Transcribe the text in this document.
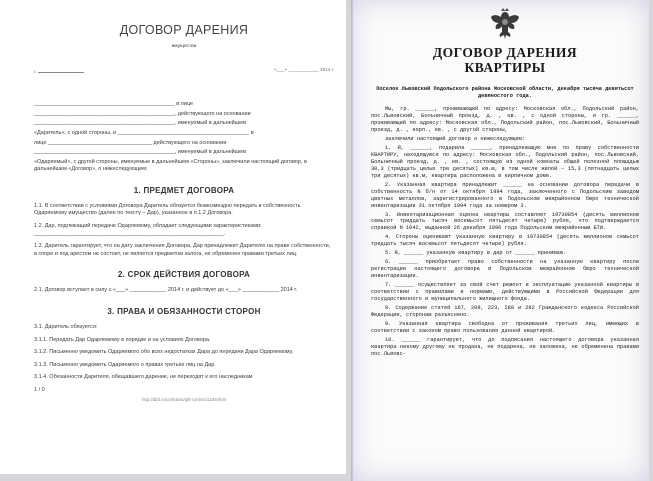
ДОГОВОР ДАРЕНИЯ
имущества
г.	«___» ____________ 2014 г.

______________________________________________ в лице

______________________________________________, действующего на основании

______________________________________________, именуемый в дальнейшем

«Даритель», с одной стороны, и ___________________________________________ в

лице __________________________________ действующего на основании

______________________________________________, именуемый в дальнейшем

«Одаряемый», с другой стороны, именуемые в дальнейшем «Стороны», заключили настоящий договор, в дальнейшем «Договор», о нижеследующем:

1. ПРЕДМЕТ ДОГОВОРА

1.1. В соответствии с условиями Договора Даритель обязуется безвозмездно передать в собственность Одаряемому имущество (далее по тексту – Дар), указанное в п.1.2 Договора.

1.2. Дар, подлежащий передаче Одаряемому, обладает следующими характеристиками: ______________________________________________________________.

1.3. Даритель гарантирует, что на дату заключения Договора, Дар принадлежит Дарителю на праве собственности, в споре и под арестом не состоит, не является предметом залога, не обременен правами третьих лиц.

2. СРОК ДЕЙСТВИЯ ДОГОВОРА

2.1. Договор вступает в силу с «___» ____________ 2014 г. и действует до «___» ____________ 2014 г.

3. ПРАВА И ОБЯЗАННОСТИ СТОРОН

3.1. Даритель обязуется:

3.1.1. Передать Дар Одаряемому в порядке и на условиях Договора.

3.1.2. Письменно уведомить Одаряемого обо всех недостатках Дара до передачи Дара Одаряемому.

3.1.3. Письменно уведомить Одаряемого о правах третьих лиц на Дар.

3.1.4. Обязанности Дарителя, обещавшего дарение, не переходят к его наследникам

1 / 0
http://dbd.ru/contracts/gift-contract1248.html
ДОГОВОР ДАРЕНИЯ
КВАРТИРЫ
Поселок Львовский Подольского района Московской области, декабря тысяча девятьсот девяностого года.

Мы, гр. ______, проживающий по адресу: Московская обл., Подольский район, пос.Львовский, Больничный проезд, д. , кв. , с одной стороны, и гр. ______, проживающий по адресу: Московская обл., Подольский район, пос.Львовский, Больничный проезд, д. , корп., кв. , с другой стороны,

заключили настоящий договор о нижеследующем:

1. Я, ______, подарила ______, принадлежащую мне по праву собственности КВАРТИРУ, находящуюся по адресу: Московская обл., Подольский район, пос.Львовский, Больничный проезд, д. , кв. , состоящую из одной комнаты общей полезной площадью 30,3 (тридцать целых три десятых) кв.м, в том числе жилой – 15,3 (пятнадцать целых три десятых) кв.м, квартира расположена в кирпичном доме.

2. Указанная квартира принадлежит ______ на основании договора передачи в собственность N б/н от 14 октября 1994 года, заключенного с Подольским заводом цветных металлов, зарегистрированного в Подольском межрайонном бюро технической инвентаризации 31 октября 1994 года за номером 3.

3. Инвентаризационная оценка квартиры составляет 10730854 (десять миллионов семьсот тридцать тысяч восемьсот пятьдесят четыре) рубля, что подтверждается справкой N 1042, выданной 26 декабря 1996 года Подольским межрайонным БТИ.

4. Стороны оценивают указанную квартиру в 10730854 (десять миллионов семьсот тридцать тысяч восемьсот пятьдесят четыре) рубля.

5. Я, ______ указанную квартиру в дар от ______ принимаю.

6. ______ приобретает право собственности на указанную квартиру после регистрации настоящего договора в Подольском межрайонном бюро технической инвентаризации.

7. ______ осуществляет за свой счет ремонт и эксплуатацию указанной квартиры в соответствии с правилами и нормами, действующими в Российской Федерации для государственного и муниципального жилищного фонда.

8. Содержание статей 167, 209, 223, 288 и 292 Гражданского кодекса Российской Федерации, сторонам разъяснено.

9. Указанная квартира свободна от проживания третьих лиц, имеющих в соответствии с законом право пользования данной квартирой.

10. ______ гарантирует, что до подписания настоящего договора указанная квартира никому другому не продана, не подарена, не заложена, не обременена правами пос.Львовс-
